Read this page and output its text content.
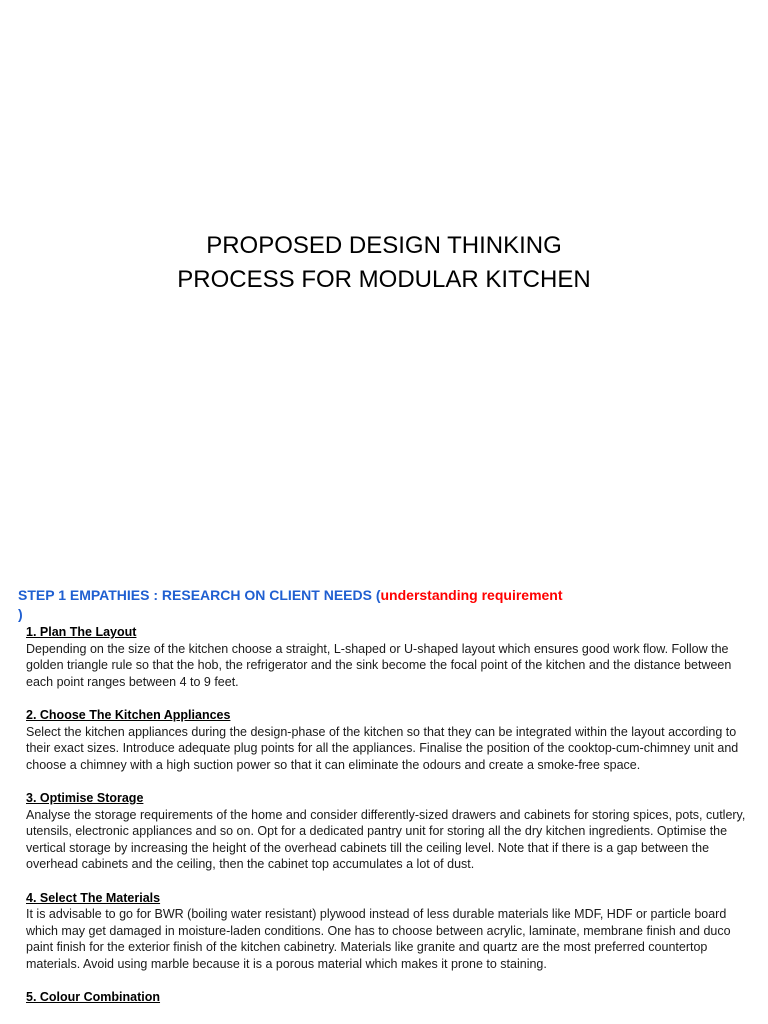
PROPOSED DESIGN THINKING
PROCESS FOR MODULAR KITCHEN
STEP 1 EMPATHIES : RESEARCH ON CLIENT NEEDS (understanding requirement
)

1. Plan The Layout

Depending on the size of the kitchen choose a straight, L-shaped or U-shaped layout which ensures good work flow. Follow the golden triangle rule so that the hob, the refrigerator and the sink become the focal point of the kitchen and the distance between each point ranges between 4 to 9 feet.

2. Choose The Kitchen Appliances

Select the kitchen appliances during the design-phase of the kitchen so that they can be integrated within the layout according to their exact sizes. Introduce adequate plug points for all the appliances. Finalise the position of the cooktop-cum-chimney unit and choose a chimney with a high suction power so that it can eliminate the odours and create a smoke-free space.

3. Optimise Storage

Analyse the storage requirements of the home and consider differently-sized drawers and cabinets for storing spices, pots, cutlery, utensils, electronic appliances and so on. Opt for a dedicated pantry unit for storing all the dry kitchen ingredients. Optimise the vertical storage by increasing the height of the overhead cabinets till the ceiling level. Note that if there is a gap between the overhead cabinets and the ceiling, then the cabinet top accumulates a lot of dust.

4. Select The Materials

It is advisable to go for BWR (boiling water resistant) plywood instead of less durable materials like MDF, HDF or particle board which may get damaged in moisture-laden conditions. One has to choose between acrylic, laminate, membrane finish and duco paint finish for the exterior finish of the kitchen cabinetry. Materials like granite and quartz are the most preferred countertop materials. Avoid using marble because it is a porous material which makes it prone to staining.

5. Colour Combination
